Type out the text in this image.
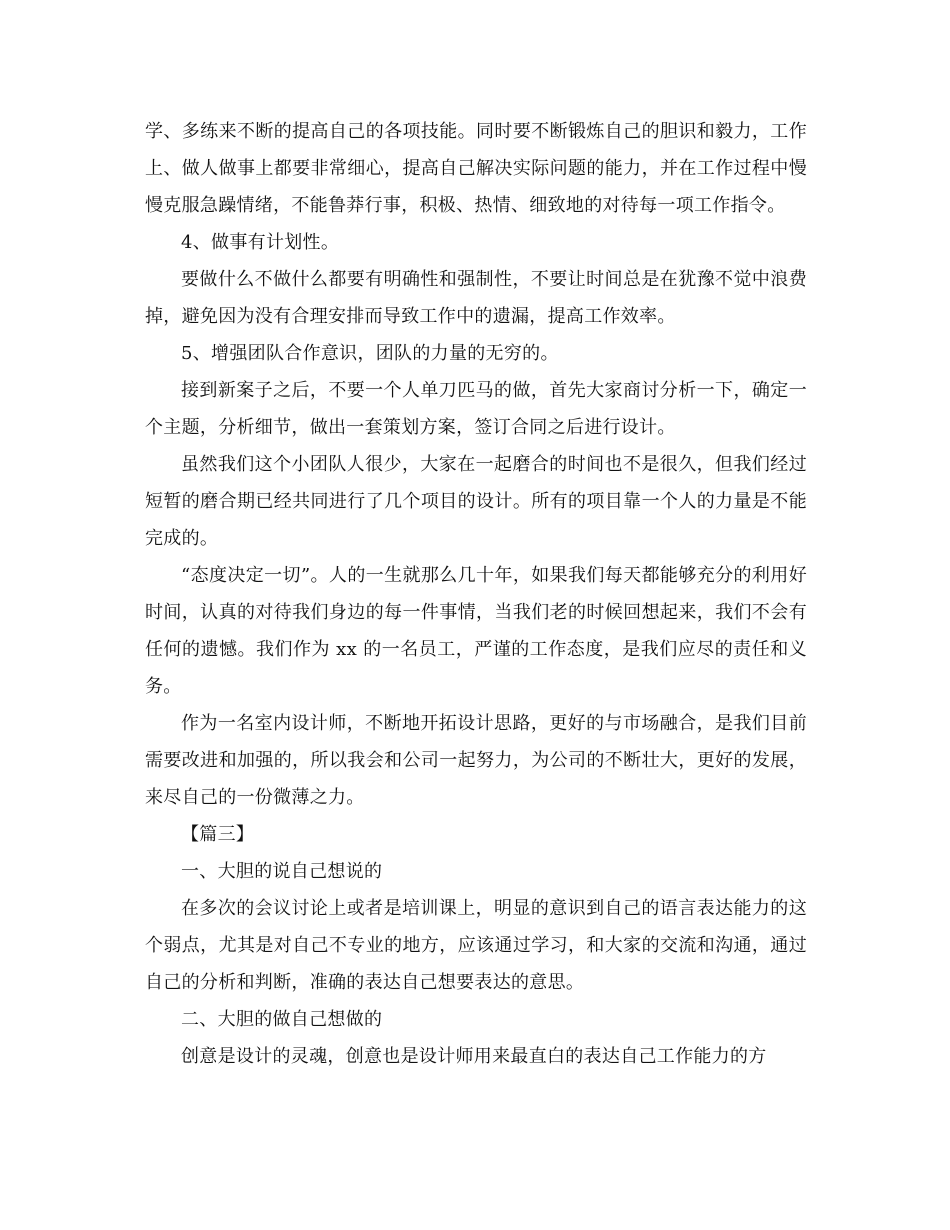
学、多练来不断的提高自己的各项技能。同时要不断锻炼自己的胆识和毅力，工作上、做人做事上都要非常细心，提高自己解决实际问题的能力，并在工作过程中慢慢克服急躁情绪，不能鲁莽行事，积极、热情、细致地的对待每一项工作指令。

4、做事有计划性。

要做什么不做什么都要有明确性和强制性，不要让时间总是在犹豫不觉中浪费掉，避免因为没有合理安排而导致工作中的遗漏，提高工作效率。

5、增强团队合作意识，团队的力量的无穷的。

接到新案子之后，不要一个人单刀匹马的做，首先大家商讨分析一下，确定一个主题，分析细节，做出一套策划方案，签订合同之后进行设计。

虽然我们这个小团队人很少，大家在一起磨合的时间也不是很久，但我们经过短暂的磨合期已经共同进行了几个项目的设计。所有的项目靠一个人的力量是不能完成的。

“态度决定一切”。人的一生就那么几十年，如果我们每天都能够充分的利用好时间，认真的对待我们身边的每一件事情，当我们老的时候回想起来，我们不会有任何的遗憾。我们作为 xx 的一名员工，严谨的工作态度，是我们应尽的责任和义务。

作为一名室内设计师，不断地开拓设计思路，更好的与市场融合，是我们目前需要改进和加强的，所以我会和公司一起努力，为公司的不断壮大，更好的发展，来尽自己的一份微薄之力。

【篇三】

一、大胆的说自己想说的

在多次的会议讨论上或者是培训课上，明显的意识到自己的语言表达能力的这个弱点，尤其是对自己不专业的地方，应该通过学习，和大家的交流和沟通，通过自己的分析和判断，准确的表达自己想要表达的意思。

二、大胆的做自己想做的

创意是设计的灵魂，创意也是设计师用来最直白的表达自己工作能力的方
